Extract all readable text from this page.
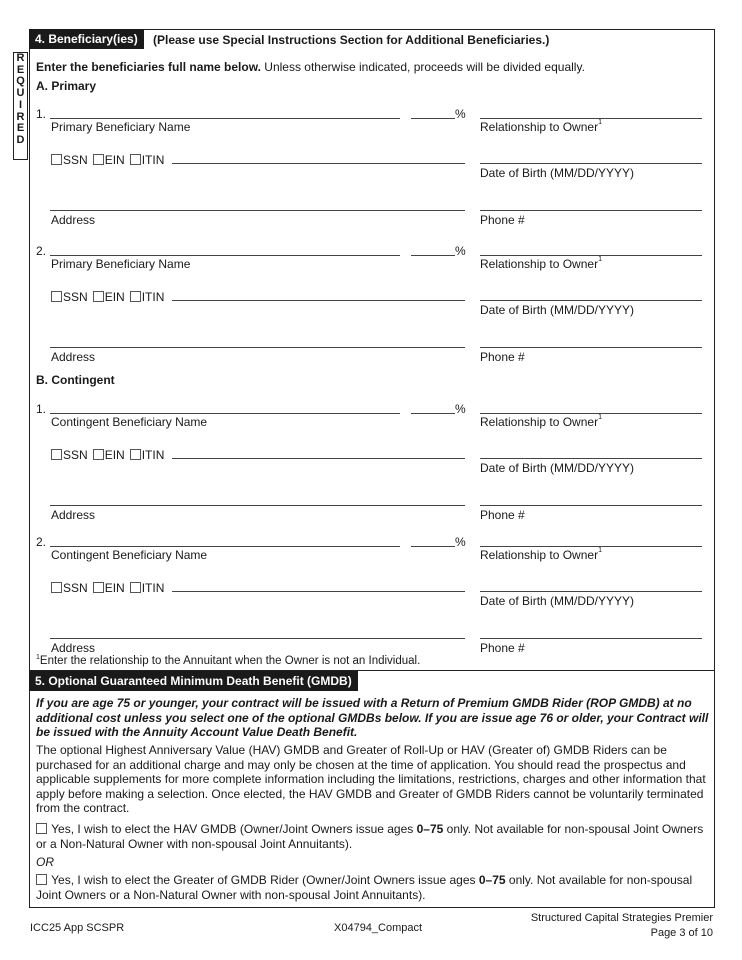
R
E
Q
U
I
R
E
D
4. Beneficiary(ies)	(Please use Special Instructions Section for Additional Beneficiaries.)
Enter the beneficiaries full name below. Unless otherwise indicated, proceeds will be divided equally.
A. Primary
1.	%
Primary Beneficiary Name	Relationship to Owner$^1$
SSN EIN ITIN
Date of Birth (MM/DD/YYYY)
Address	Phone #
2.	%
Primary Beneficiary Name	Relationship to Owner$^1$
SSN EIN ITIN
Date of Birth (MM/DD/YYYY)
Address	Phone #
1.	%
Contingent Beneficiary Name	Relationship to Owner$^1$
SSN EIN ITIN
Date of Birth (MM/DD/YYYY)
Address	Phone #
2.	%
Contingent Beneficiary Name	Relationship to Owner$^1$
SSN EIN ITIN
Date of Birth (MM/DD/YYYY)
Address	Phone #
B. Contingent
$^1$Enter the relationship to the Annuitant when the Owner is not an Individual.
5. Optional Guaranteed Minimum Death Benefit (GMDB)
If you are age 75 or younger, your contract will be issued with a Return of Premium GMDB Rider (ROP GMDB) at no additional cost unless you select one of the optional GMDBs below. If you are issue age 76 or older, your Contract will be issued with the Annuity Account Value Death Benefit.
The optional Highest Anniversary Value (HAV) GMDB and Greater of Roll-Up or HAV (Greater of) GMDB Riders can be purchased for an additional charge and may only be chosen at the time of application. You should read the prospectus and applicable supplements for more complete information including the limitations, restrictions, charges and other information that apply before making a selection. Once elected, the HAV GMDB and Greater of GMDB Riders cannot be voluntarily terminated from the contract.
Yes, I wish to elect the HAV GMDB (Owner/Joint Owners issue ages 0–75 only. Not available for non-spousal Joint Owners or a Non-Natural Owner with non-spousal Joint Annuitants).
OR
Yes, I wish to elect the Greater of GMDB Rider (Owner/Joint Owners issue ages 0–75 only. Not available for non-spousal Joint Owners or a Non-Natural Owner with non-spousal Joint Annuitants).
ICC25 App SCSPR	X04794_Compact
Structured Capital Strategies Premier
Page 3 of 10
